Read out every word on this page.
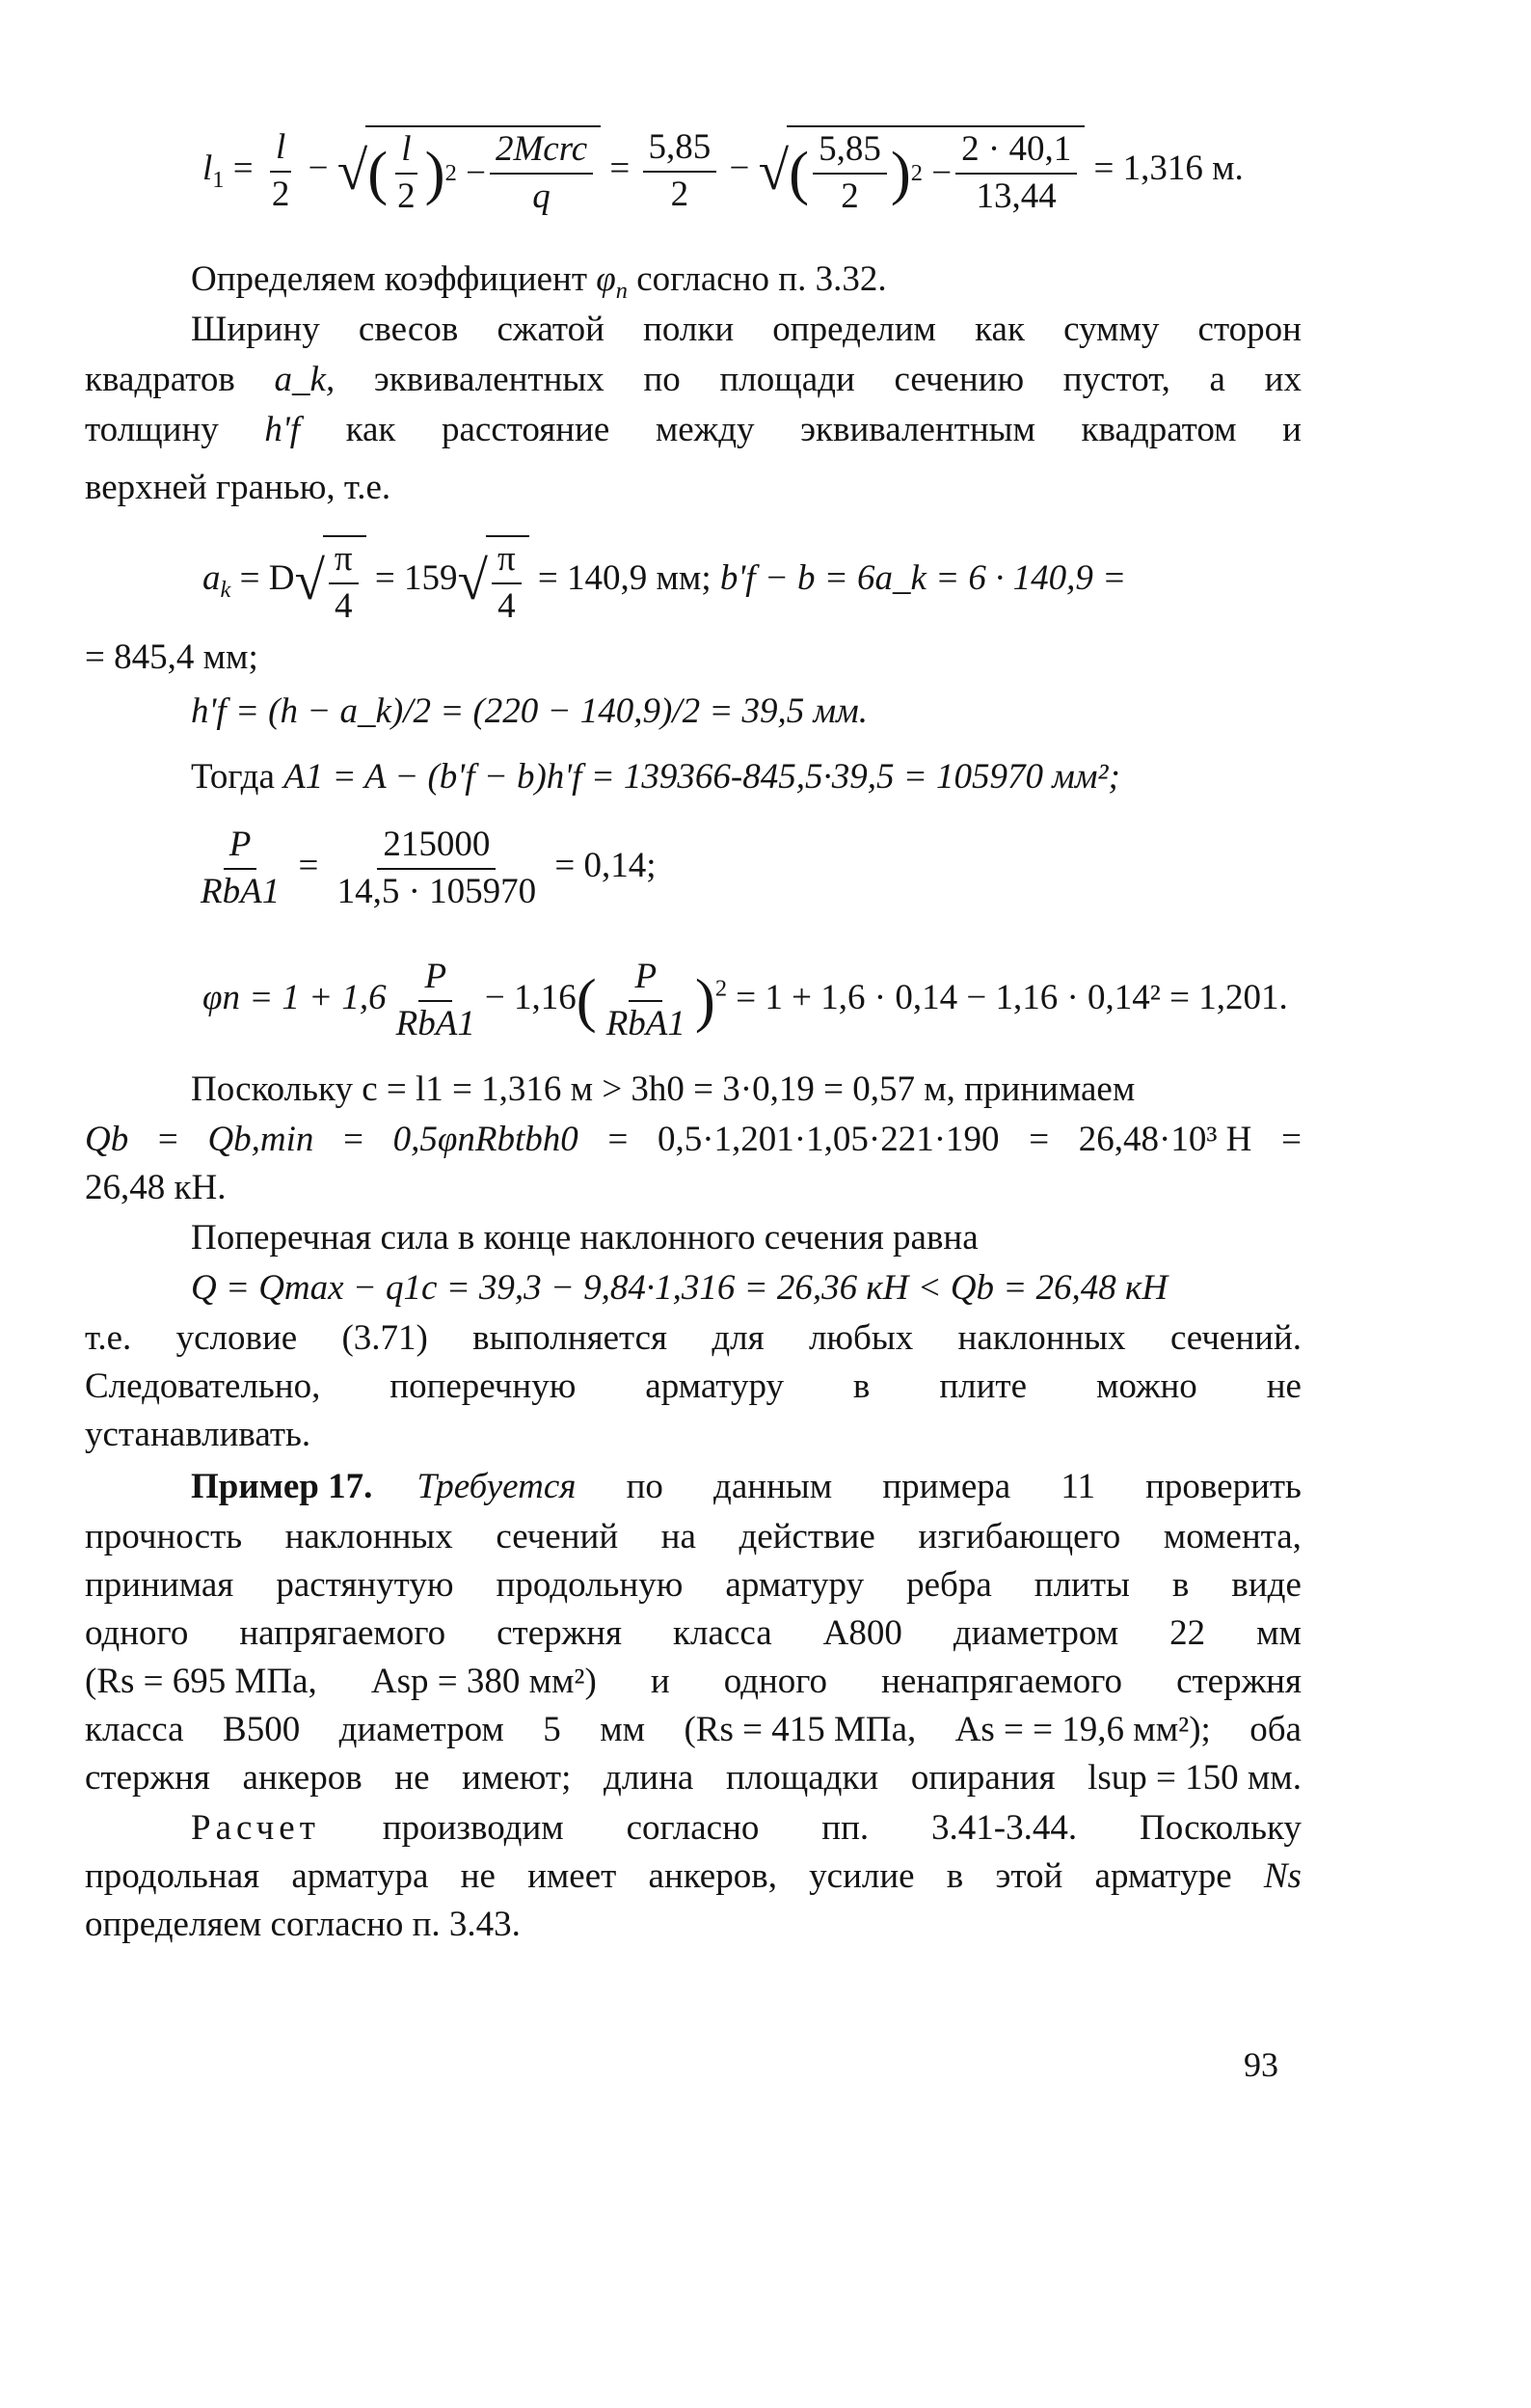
$l_1 = \frac{l}{2}$ − √ ( $\frac{l}{2}$ ) $2 - \frac{\text{2Mcrc}}{q} = \frac{5,85}{2}$ − √ ( $\frac{5,85}{2}$ ) $2 - \frac{2 \cdot 40,1}{13,44} = 1,316$ м.
Определяем коэффициент $\varphi_n$ согласно п. 3.32.
Ширину свесов сжатой полки определим как сумму сторон
квадратов a_k, эквивалентных по площади сечению пустот, а их
толщину h'f как расстояние между эквивалентным квадратом и
верхней гранью, т.е.
$a_k = D$ √ $\frac{\pi}{4} = 159$ √ $\frac{\pi}{4} = 140,9$ мм; b'f − b = 6a_k = 6 · 140,9 =
= 845,4 мм;
h'f = (h − a_k)/2 = (220 − 140,9)/2 = 39,5 мм.
Тогда A1 = A − (b'f − b)h'f = 139366-845,5·39,5 = 105970 мм²;
$\frac{P}{\text{RbA1}} = \frac{215000}{14,5 \cdot 105970} = 0,14$;
$\varphi n = 1 + 1,6 \frac{P}{\text{RbA1}} - 1,16( \frac{P}{\text{RbA1}} )^2 = 1 + 1,6 \cdot 0,14 - 1,16 \cdot 0,14^2 = 1,201$.
Поскольку c = l1 = 1,316 м > 3h0 = 3·0,19 = 0,57 м, принимаем
Qb = Qb,min = 0,5φnRbtbh0 = 0,5·1,201·1,05·221·190 = 26,48·10³ Н =
26,48 кН.
Поперечная сила в конце наклонного сечения равна
Q = Qmax − q1c = 39,3 − 9,84·1,316 = 26,36 кН < Qb = 26,48 кН
т.е. условие (3.71) выполняется для любых наклонных сечений.
Следовательно, поперечную арматуру в плите можно не
устанавливать.
Пример 17. Требуется по данным примера 11 проверить
прочность наклонных сечений на действие изгибающего момента,
принимая растянутую продольную арматуру ребра плиты в виде
одного напрягаемого стержня класса А800 диаметром 22 мм
(Rs = 695 МПа, Asp = 380 мм²) и одного ненапрягаемого стержня
класса В500 диаметром 5 мм (Rs = 415 МПа, As = = 19,6 мм²); оба
стержня анкеров не имеют; длина площадки опирания lsup = 150 мм.
Расчет производим согласно пп. 3.41-3.44. Поскольку
продольная арматура не имеет анкеров, усилие в этой арматуре Ns
определяем согласно п. 3.43.
93
